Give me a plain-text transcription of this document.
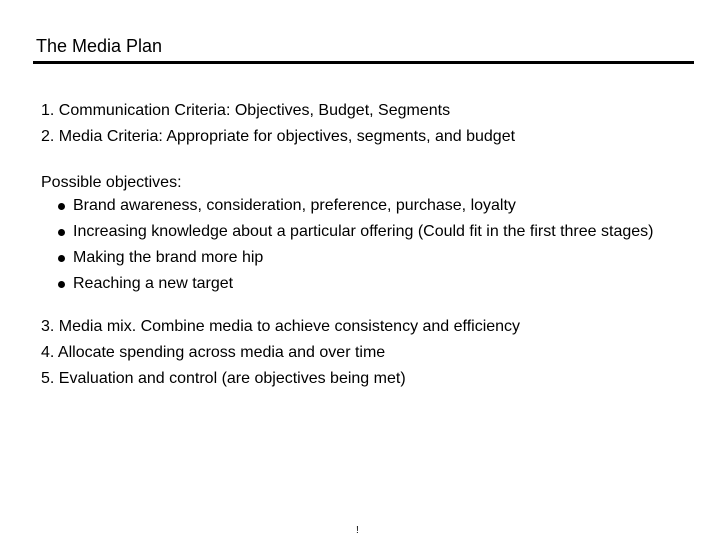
The Media Plan
1. Communication Criteria: Objectives, Budget, Segments
2. Media Criteria: Appropriate for objectives, segments, and budget
Possible objectives:
Brand awareness, consideration, preference, purchase, loyalty
Increasing knowledge about a particular offering (Could fit in the first three stages)
Making the brand more hip
Reaching a new target
3. Media mix. Combine media to achieve consistency and efficiency
4. Allocate spending across media and over time
5. Evaluation and control (are objectives being met)
!
